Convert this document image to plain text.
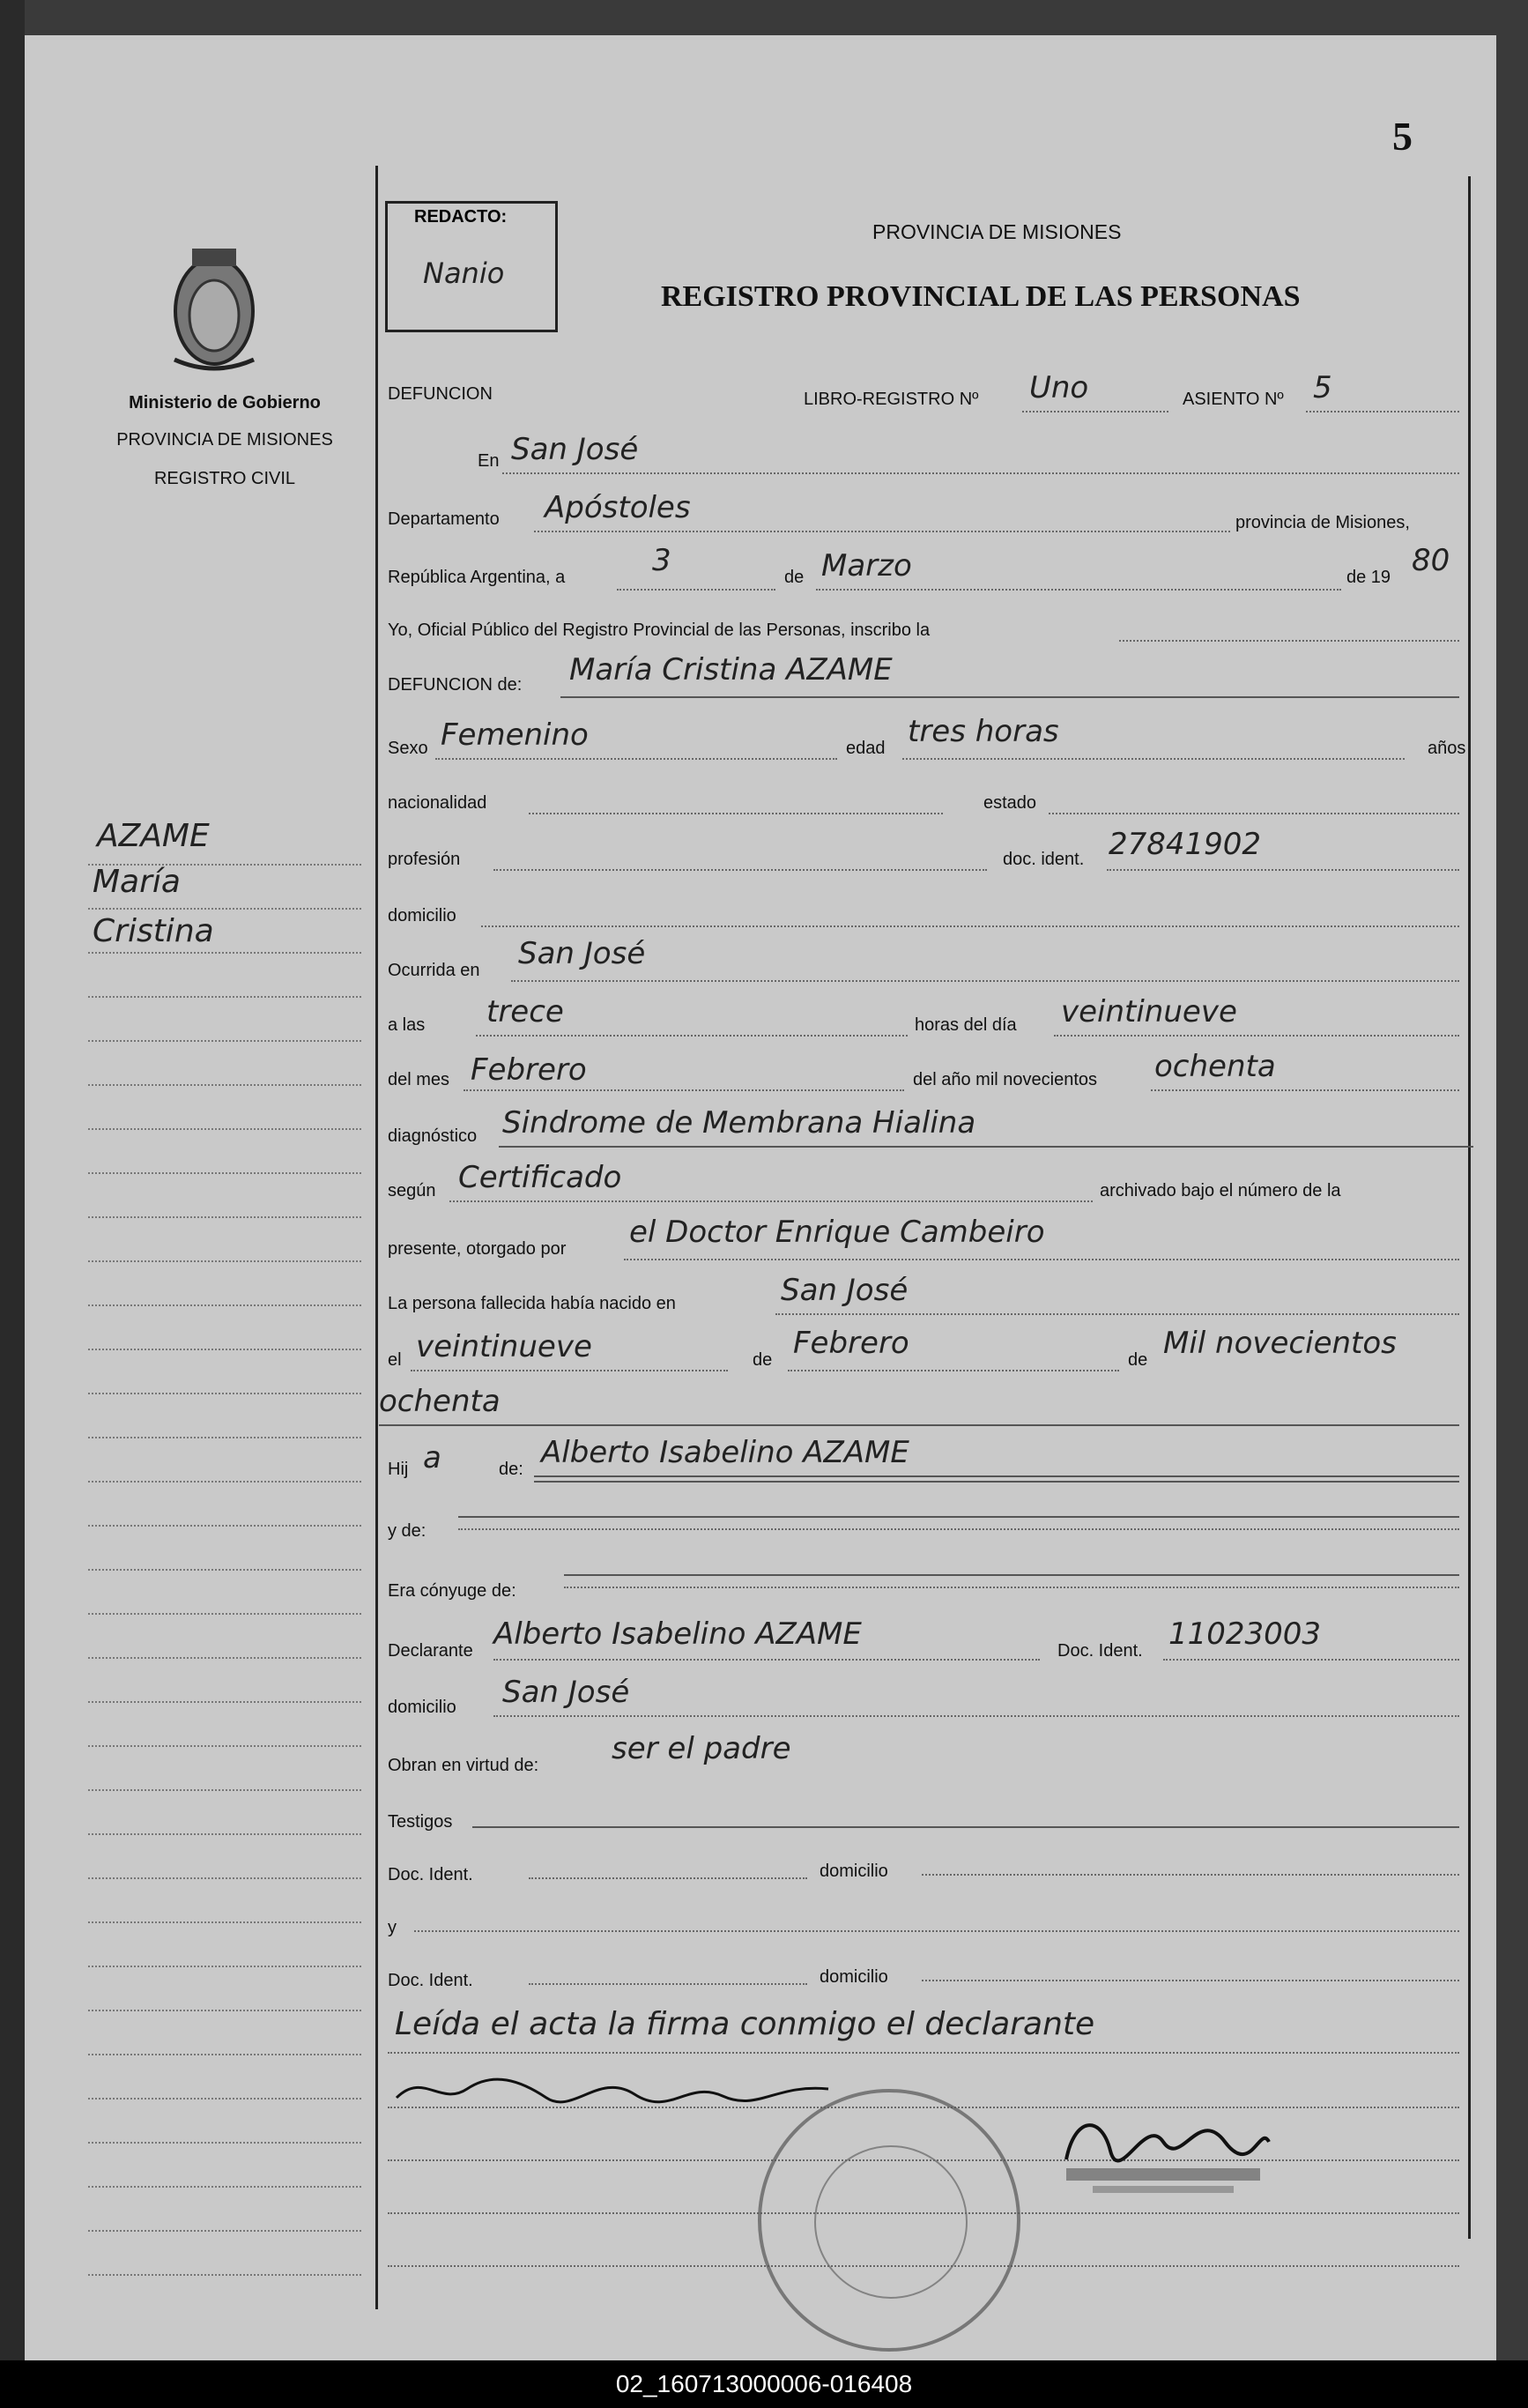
5
Ministerio de Gobierno
PROVINCIA DE MISIONES
REGISTRO CIVIL
AZAME
María
Cristina
REDACTO:
Nanio
PROVINCIA DE MISIONES
REGISTRO PROVINCIAL DE LAS PERSONAS
DEFUNCION	LIBRO-REGISTRO Nº Uno	ASIENTO Nº 5
En San José
Departamento Apóstoles	provincia de Misiones,
República Argentina, a	3	de Marzo	de 19 80
Yo, Oficial Público del Registro Provincial de las Personas, inscribo la
DEFUNCION de: María Cristina AZAME
Sexo Femenino	edad tres horas	años
nacionalidad	estado
profesión	doc. ident. 27841902
domicilio
Ocurrida en San José
a las trece	horas del día veintinueve
del mes Febrero	del año mil novecientos ochenta
diagnóstico Sindrome de Membrana Hialina
según Certificado	archivado bajo el número de la
presente, otorgado por el Doctor Enrique Cambeiro
La persona fallecida había nacido en	San José
el veintinueve	de Febrero	de Mil novecientos
ochenta
Hij a	de: Alberto Isabelino AZAME
y de:
Era cónyuge de:
Declarante Alberto Isabelino AZAME	Doc. Ident. 11023003
domicilio San José
Obran en virtud de: ser el padre
Testigos
Doc. Ident.	domicilio
y
Doc. Ident.	domicilio
Leída el acta la firma conmigo el declarante
02_160713000006-016408
